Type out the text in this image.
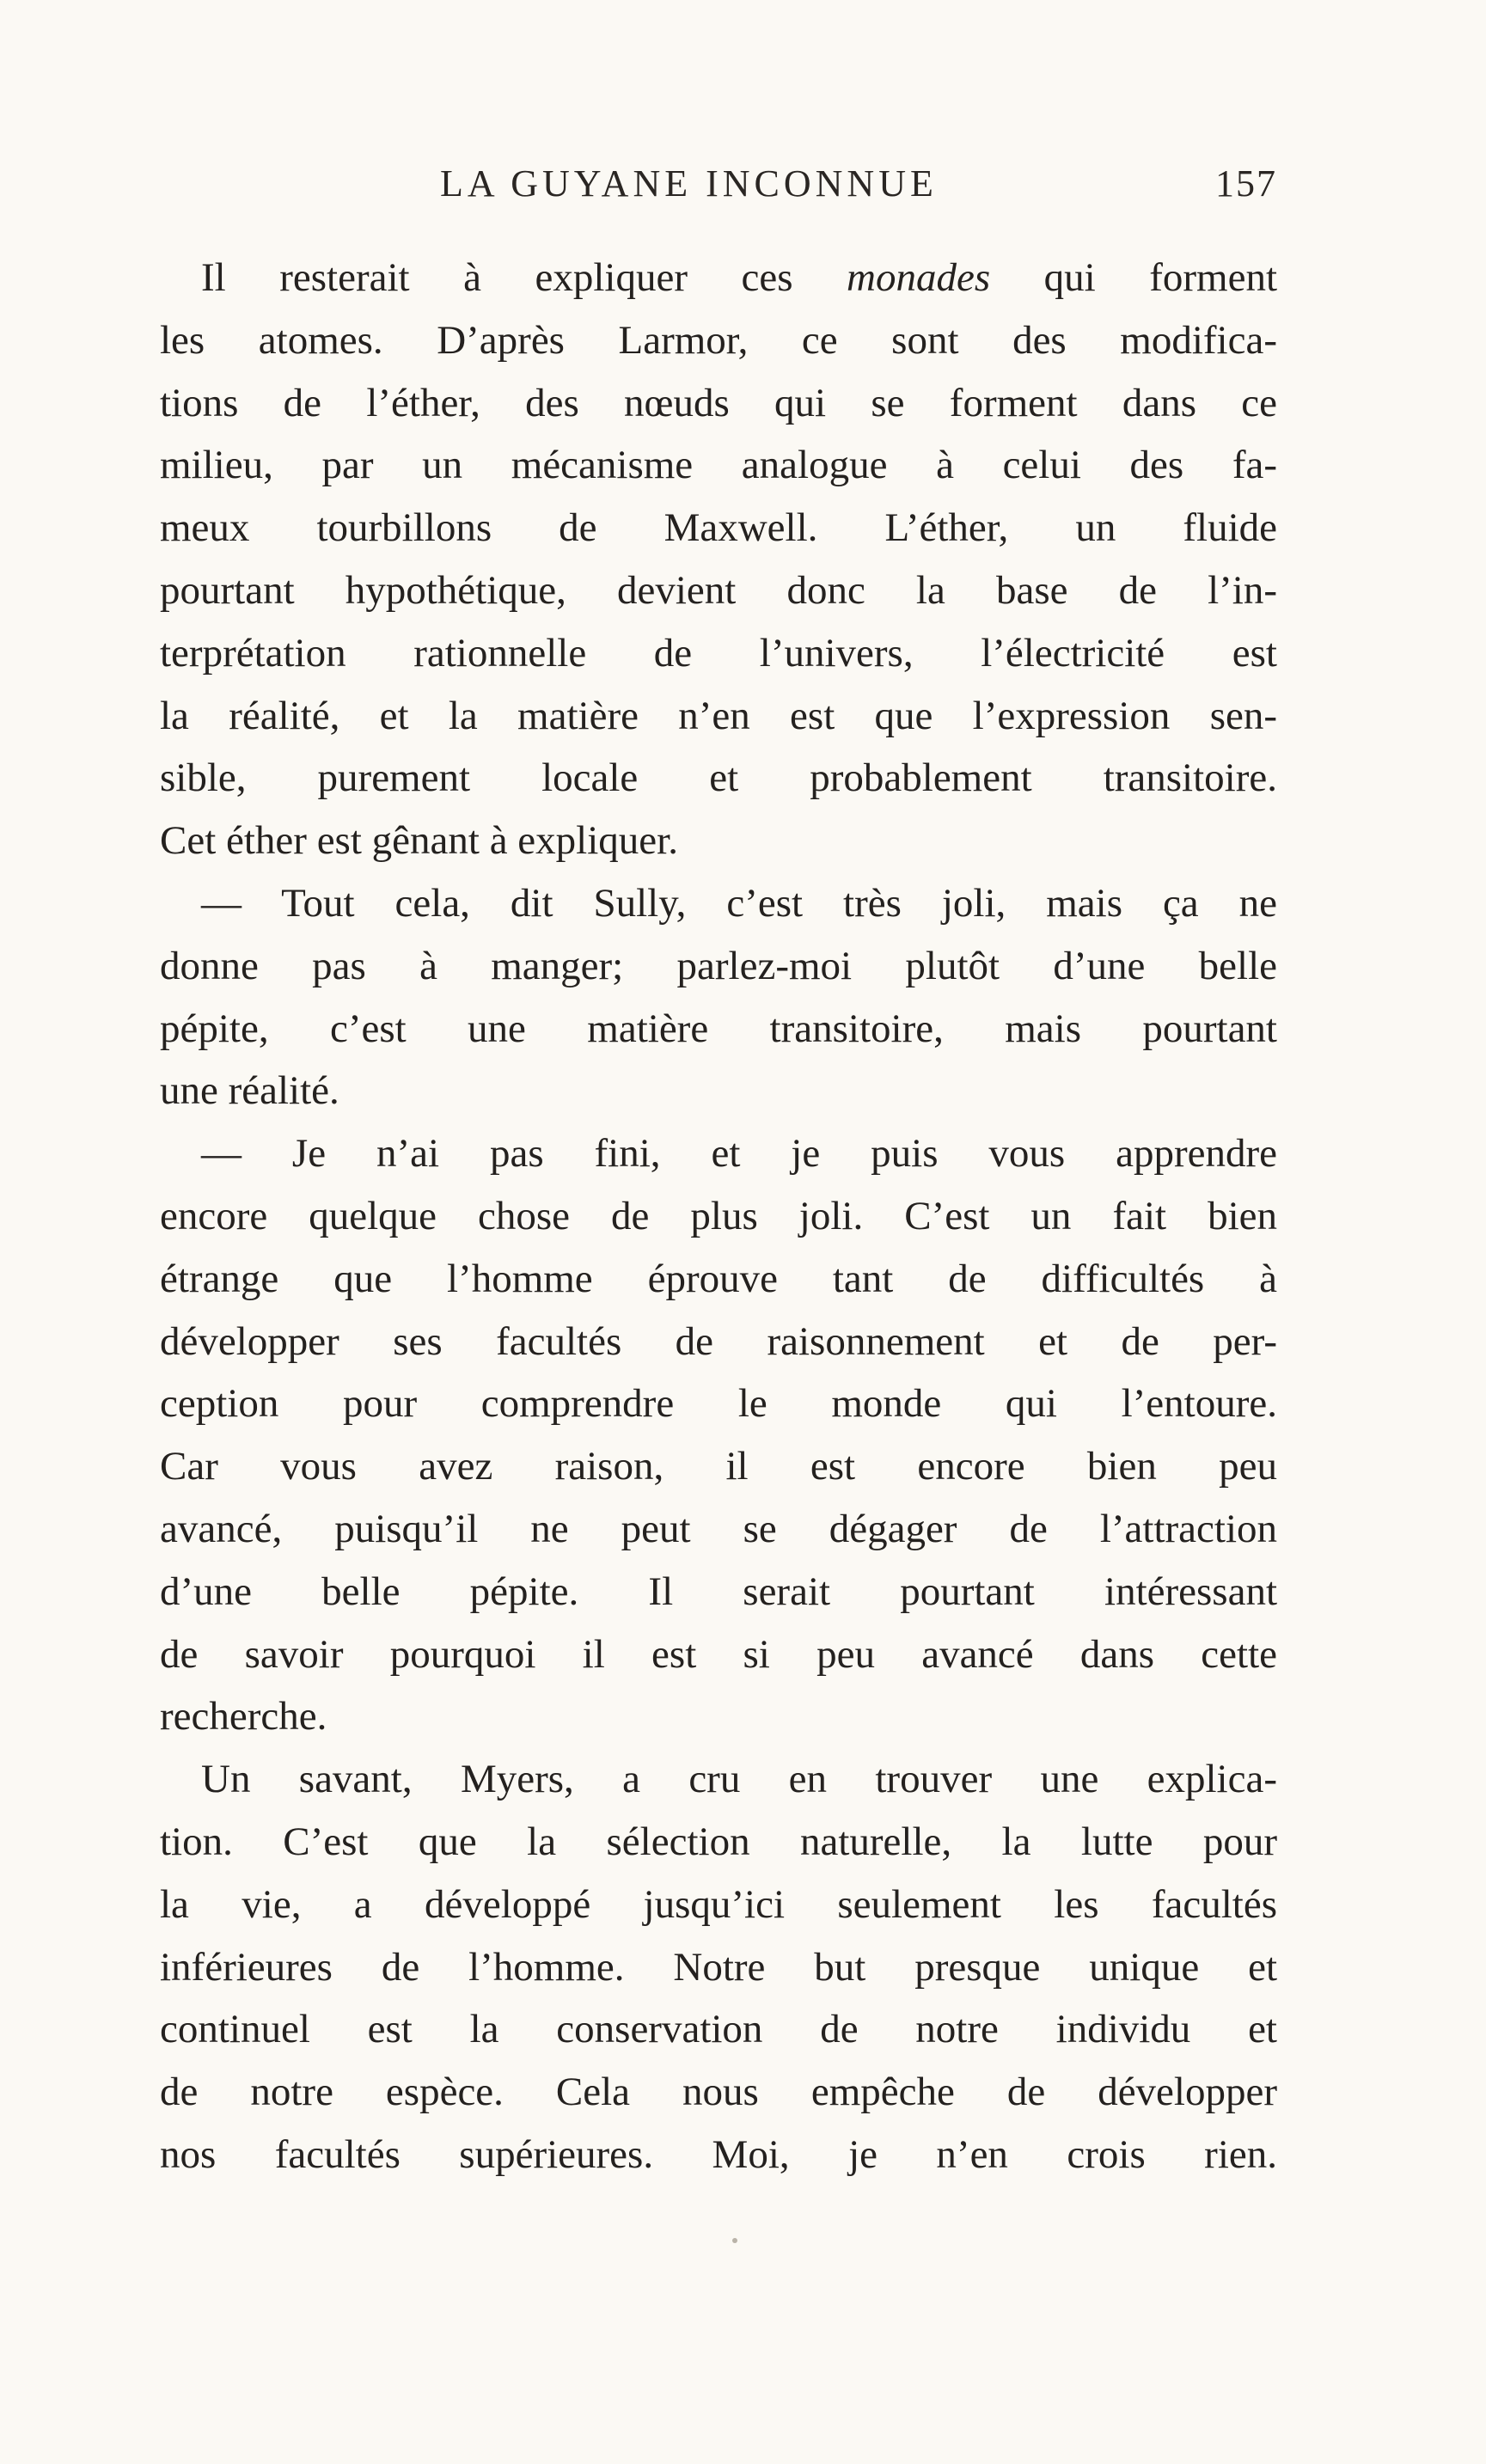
LA GUYANE INCONNUE	157
Il resterait à expliquer ces monades qui forment
les atomes. D’après Larmor, ce sont des modifica-
tions de l’éther, des nœuds qui se forment dans ce
milieu, par un mécanisme analogue à celui des fa-
meux tourbillons de Maxwell. L’éther, un fluide
pourtant hypothétique, devient donc la base de l’in-
terprétation rationnelle de l’univers, l’électricité est
la réalité, et la matière n’en est que l’expression sen-
sible, purement locale et probablement transitoire.
Cet éther est gênant à expliquer.
— Tout cela, dit Sully, c’est très joli, mais ça ne
donne pas à manger; parlez-moi plutôt d’une belle
pépite, c’est une matière transitoire, mais pourtant
une réalité.
— Je n’ai pas fini, et je puis vous apprendre
encore quelque chose de plus joli. C’est un fait bien
étrange que l’homme éprouve tant de difficultés à
développer ses facultés de raisonnement et de per-
ception pour comprendre le monde qui l’entoure.
Car vous avez raison, il est encore bien peu
avancé, puisqu’il ne peut se dégager de l’attraction
d’une belle pépite. Il serait pourtant intéressant
de savoir pourquoi il est si peu avancé dans cette
recherche.
Un savant, Myers, a cru en trouver une explica-
tion. C’est que la sélection naturelle, la lutte pour
la vie, a développé jusqu’ici seulement les facultés
inférieures de l’homme. Notre but presque unique et
continuel est la conservation de notre individu et
de notre espèce. Cela nous empêche de développer
nos facultés supérieures. Moi, je n’en crois rien.
